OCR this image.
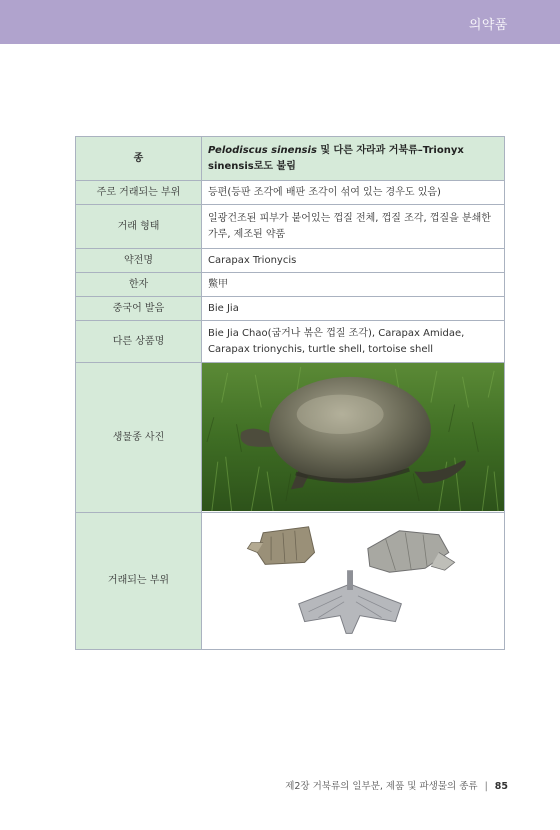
의약품
종	Pelodiscus sinensis 및 다른 자라과 거북류–Trionyx sinensis로도 불림
주로 거래되는 부위	등편(등판 조각에 배판 조각이 섞여 있는 경우도 있음)
거래 형태	일광건조된 피부가 붙어있는 껍질 전체, 껍질 조각, 껍질을 분쇄한 가루, 제조된 약품
약전명	Carapax Trionycis
한자	鱉甲
중국어 발음	Bie Jia
다른 상품명	Bie Jia Chao(굽거나 볶은 껍질 조각), Carapax Amidae, Carapax trionychis, turtle shell, tortoise shell
생물종 사진	

거래되는 부위	
제2장 거북류의 일부분, 제품 및 파생물의 종류 | 85
